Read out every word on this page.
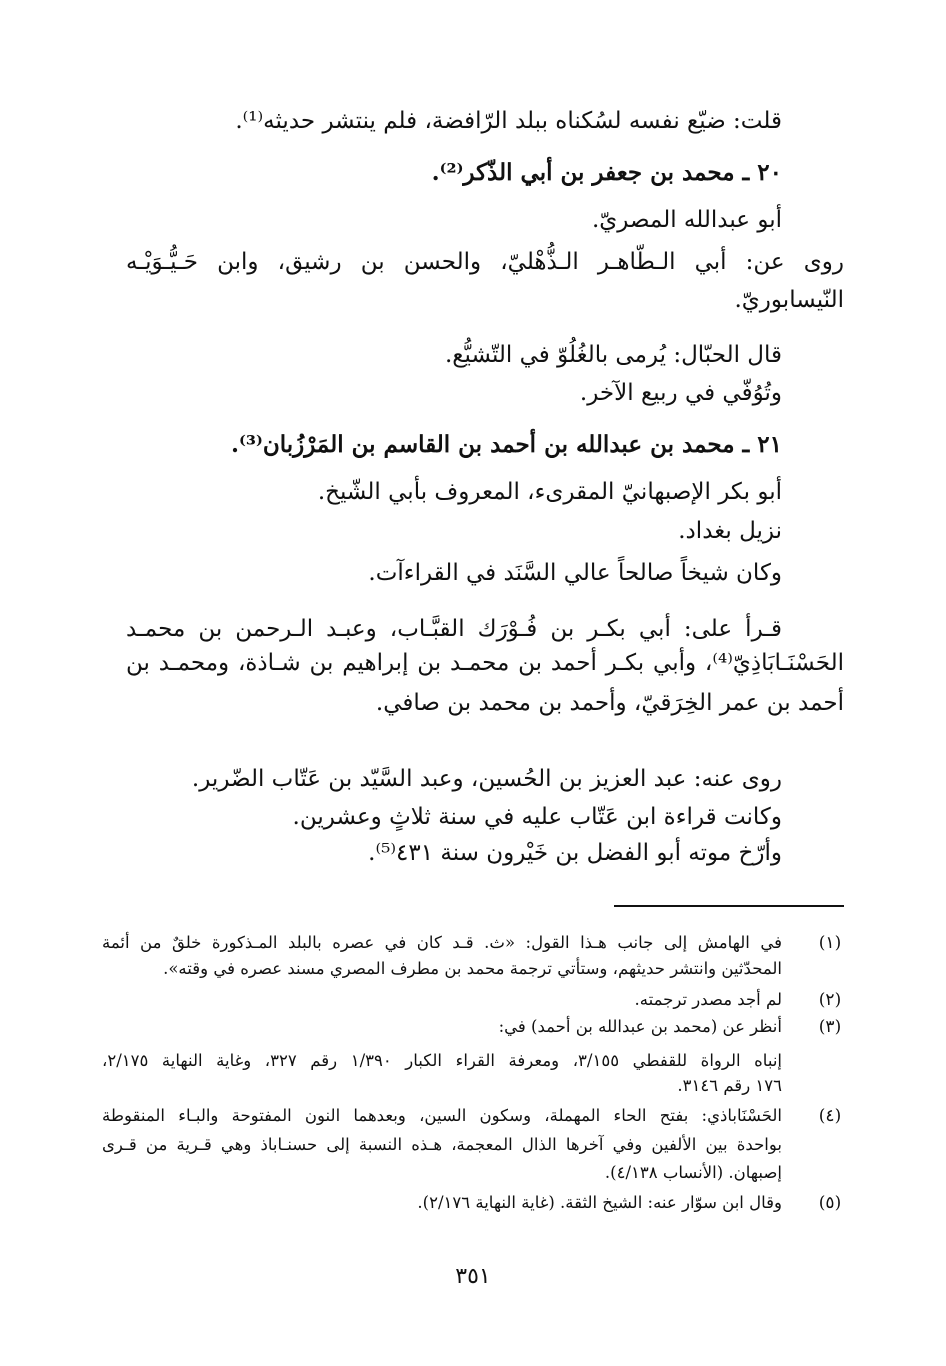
قلت: ضيّع نفسه لسُكناه ببلد الرّافضة، فلم ينتشر حديثه⁽¹⁾.
٢٠ ـ محمد بن جعفر بن أبي الذّكر⁽²⁾.
أبو عبدالله المصريّ.
روى عن: أبي الـطّاهـر الـذُّهْليّ، والحسن بن رشيق، وابن حَـيُّـوَيْـه
النّيسابوريّ.
قال الحبّال: يُرمى بالغُلُوّ في التّشيُّع.
وتُوُفّي في ربيع الآخر.
٢١ ـ محمد بن عبدالله بن أحمد بن القاسم بن المَرْزُبان⁽³⁾.
أبو بكر الإصبهانيّ المقرىء، المعروف بأبي الشّيخ.
نزيل بغداد.
وكان شيخاً صالحاً عالي السَّنَد في القراءآت.
قـرأ على: أبي بكـر بن فُـوْرَك القبَّـاب، وعبـد الـرحمن بن محمـد
الحَسْنَـابَاذِيّ⁽⁴⁾، وأبي بكـر أحمد بن محمـد بن إبراهيم بن شـاذة، ومحمـد بن
أحمد بن عمر الخِرَقيّ، وأحمد بن محمد بن صافي.
روى عنه: عبد العزيز بن الحُسين، وعبد السَّيّد بن عَتّاب الضّرير.
وكانت قراءة ابن عَتّاب عليه في سنة ثلاثٍ وعشرين.
وأرّخ موته أبو الفضل بن خَيْرون سنة ٤٣١⁽⁵⁾.
(١)
(٢)
(٣)
(٤)
(٥)
في الهامش إلى جانب هـذا القول: «ث. قـد كان في عصره بالبلد المـذكورة خلقٌ من أئمة
المحدّثين وانتشر حديثهم، وستأتي ترجمة محمد بن مطرف المصري مسند عصره في وقته».
لم أجد مصدر ترجمته.
أنظر عن (محمد بن عبدالله بن أحمد) في:
إنباه الرواة للقفطي ٣/١٥٥، ومعرفة القراء الكبار ١/٣٩٠ رقم ٣٢٧، وغاية النهاية ٢/١٧٥،
١٧٦ رقم ٣١٤٦.
الحَسْنَاباذي: بفتح الحاء المهملة، وسكون السين، وبعدهما النون المفتوحة والبـاء المنقوطة
بواحدة بين الألفين وفي آخرها الذال المعجمة، هـذه النسبة إلى حسنـاباذ وهي قـرية من قـرى
إصبهان. (الأنساب ٤/١٣٨).
وقال ابن سوّار عنه: الشيخ الثقة. (غاية النهاية ٢/١٧٦).
٣٥١
